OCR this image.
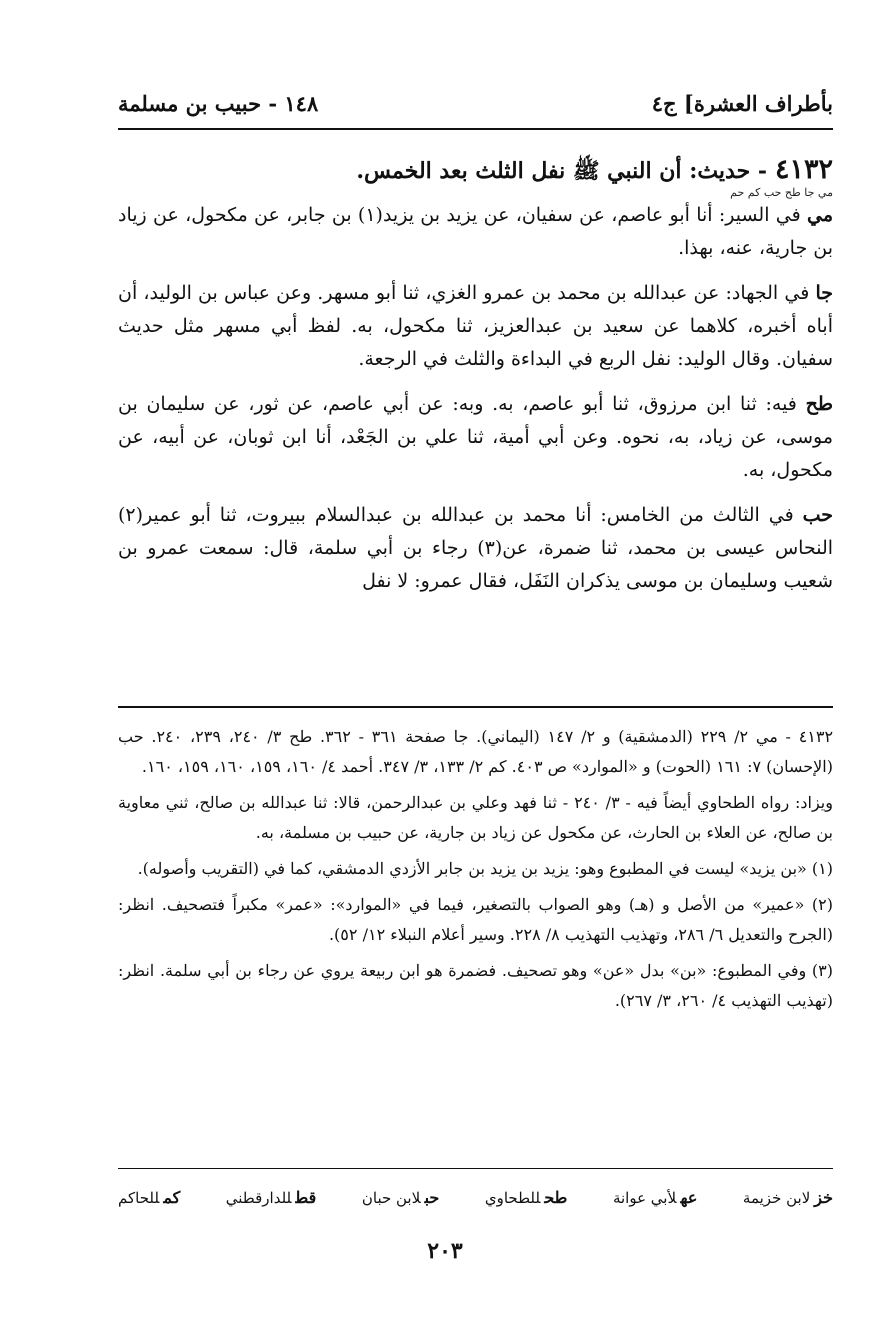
بأطراف العشرة] ج٤
١٤٨ - حبيب بن مسلمة
٤١٣٢- حديث: أن النبي ﷺ نفل الثلث بعد الخمس.
مي جا طح حب كم حم

مي في السير: أنا أبو عاصم، عن سفيان، عن يزيد بن يزيد(١) بن جابر، عن مكحول، عن زياد بن جارية، عنه، بهذا.

جا في الجهاد: عن عبدالله بن محمد بن عمرو الغزي، ثنا أبو مسهر. وعن عباس بن الوليد، أن أباه أخبره، كلاهما عن سعيد بن عبدالعزيز، ثنا مكحول، به. لفظ أبي مسهر مثل حديث سفيان. وقال الوليد: نفل الربع في البداءة والثلث في الرجعة.

طح فيه: ثنا ابن مرزوق، ثنا أبو عاصم، به. وبه: عن أبي عاصم، عن ثور، عن سليمان بن موسى، عن زياد، به، نحوه. وعن أبي أمية، ثنا علي بن الجَعْد، أنا ابن ثوبان، عن أبيه، عن مكحول، به.

حب في الثالث من الخامس: أنا محمد بن عبدالله بن عبدالسلام ببيروت، ثنا أبو عمير(٢) النحاس عيسى بن محمد، ثنا ضمرة، عن(٣) رجاء بن أبي سلمة، قال: سمعت عمرو بن شعيب وسليمان بن موسى يذكران النَفَل، فقال عمرو: لا نفل

٤١٣٢ - مي ٢/ ٢٢٩ (الدمشقية) و ٢/ ١٤٧ (اليماني). جا صفحة ٣٦١ - ٣٦٢. طح ٣/ ٢٤٠، ٢٣٩، ٢٤٠. حب (الإحسان) ٧: ١٦١ (الحوت) و «الموارد» ص ٤٠٣. كم ٢/ ١٣٣، ٣/ ٣٤٧. أحمد ٤/ ١٦٠، ١٥٩، ١٦٠، ١٥٩، ١٦٠.

ويزاد: رواه الطحاوي أيضاً فيه - ٣/ ٢٤٠ - ثنا فهد وعلي بن عبدالرحمن، قالا: ثنا عبدالله بن صالح، ثني معاوية بن صالح، عن العلاء بن الحارث، عن مكحول عن زياد بن جارية، عن حبيب بن مسلمة، به.

(١) «بن يزيد» ليست في المطبوع وهو: يزيد بن يزيد بن جابر الأزدي الدمشقي، كما في (التقريب وأصوله).

(٢) «عمير» من الأصل و (هـ) وهو الصواب بالتصغير، فيما في «الموارد»: «عمر» مكبراً فتصحيف. انظر: (الجرح والتعديل ٦/ ٢٨٦، وتهذيب التهذيب ٨/ ٢٢٨. وسير أعلام النبلاء ١٢/ ٥٢).

(٣) وفي المطبوع: «بن» بدل «عن» وهو تصحيف. فضمرة هو ابن ربيعة يروي عن رجاء بن أبي سلمة. انظر: (تهذيب التهذيب ٤/ ٢٦٠، ٣/ ٢٦٧).

خزلابن خزيمة
عهلأبي عوانة
طحللطحاوي
حبلابن حبان
قطللدارقطني
كمللحاكم
٢٠٣
